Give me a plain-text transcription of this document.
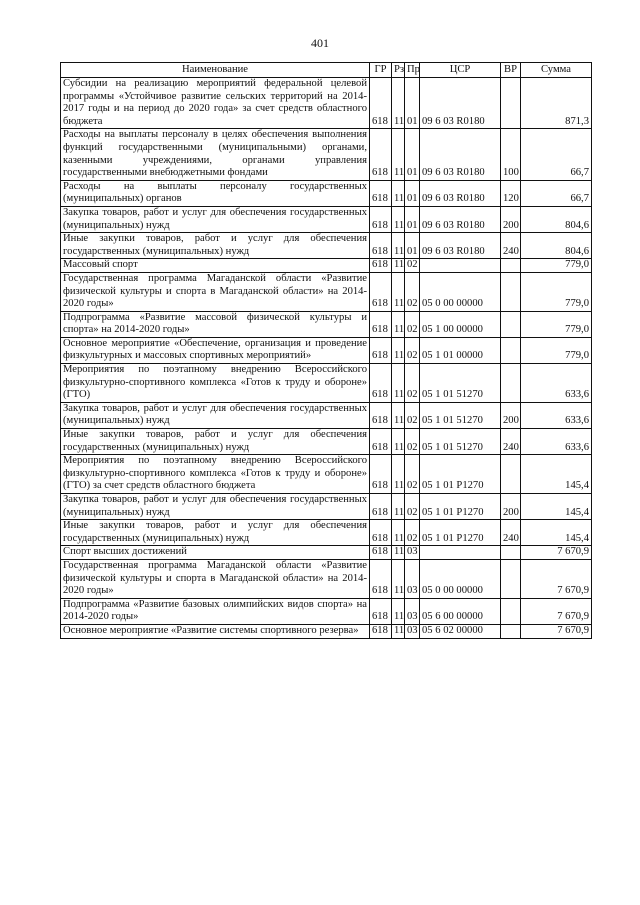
401
Наименование	ГР	Рз	Пр	ЦСР	ВР	Сумма
Субсидии на реализацию мероприятий федеральной целевой программы «Устойчивое развитие сельских территорий на 2014-2017 годы и на период до 2020 года» за счет средств областного бюджета	618	11	01	09 6 03 R0180		871,3
Расходы на выплаты персоналу в целях обеспечения выполнения функций государственными (муниципальными) органами, казенными учреждениями, органами управления государственными внебюджетными фондами	618	11	01	09 6 03 R0180	100	66,7
Расходы на выплаты персоналу государственных (муниципальных) органов	618	11	01	09 6 03 R0180	120	66,7
Закупка товаров, работ и услуг для обеспечения государственных (муниципальных) нужд	618	11	01	09 6 03 R0180	200	804,6
Иные закупки товаров, работ и услуг для обеспечения государственных (муниципальных) нужд	618	11	01	09 6 03 R0180	240	804,6
Массовый спорт	618	11	02			779,0
Государственная программа Магаданской области «Развитие физической культуры и спорта в Магаданской области» на 2014-2020 годы»	618	11	02	05 0 00 00000		779,0
Подпрограмма «Развитие массовой физической культуры и спорта» на 2014-2020 годы»	618	11	02	05 1 00 00000		779,0
Основное мероприятие «Обеспечение, организация и проведение физкультурных и массовых спортивных мероприятий»	618	11	02	05 1 01 00000		779,0
Мероприятия по поэтапному внедрению Всероссийского физкультурно-спортивного комплекса «Готов к труду и обороне» (ГТО)	618	11	02	05 1 01 51270		633,6
Закупка товаров, работ и услуг для обеспечения государственных (муниципальных) нужд	618	11	02	05 1 01 51270	200	633,6
Иные закупки товаров, работ и услуг для обеспечения государственных (муниципальных) нужд	618	11	02	05 1 01 51270	240	633,6
Мероприятия по поэтапному внедрению Всероссийского физкультурно-спортивного комплекса «Готов к труду и обороне» (ГТО) за счет средств областного бюджета	618	11	02	05 1 01 Р1270		145,4
Закупка товаров, работ и услуг для обеспечения государственных (муниципальных) нужд	618	11	02	05 1 01 Р1270	200	145,4
Иные закупки товаров, работ и услуг для обеспечения государственных (муниципальных) нужд	618	11	02	05 1 01 Р1270	240	145,4
Спорт высших достижений	618	11	03			7 670,9
Государственная программа Магаданской области «Развитие физической культуры и спорта в Магаданской области» на 2014-2020 годы»	618	11	03	05 0 00 00000		7 670,9
Подпрограмма «Развитие базовых олимпийских видов спорта» на 2014-2020 годы»	618	11	03	05 6 00 00000		7 670,9
Основное мероприятие «Развитие системы спортивного резерва»	618	11	03	05 6 02 00000		7 670,9
